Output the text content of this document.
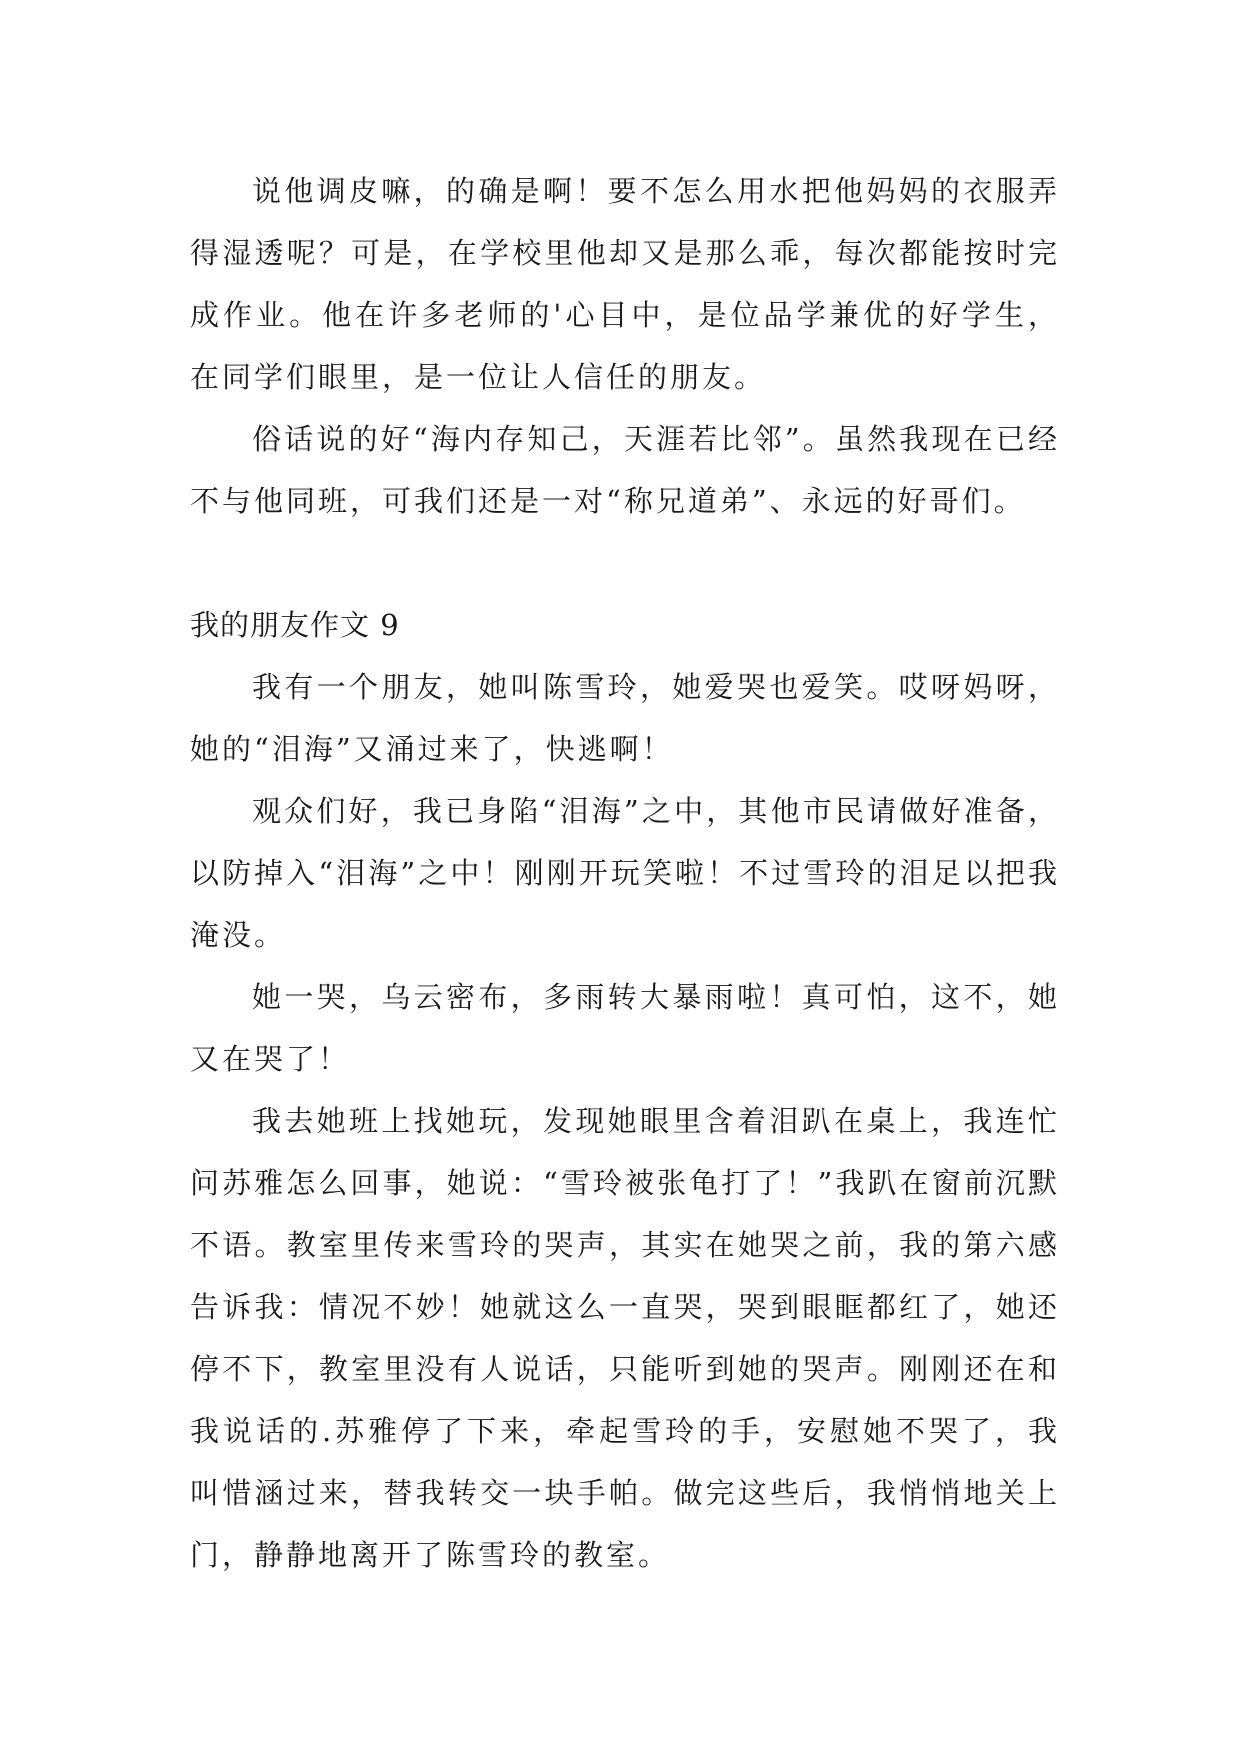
说他调皮嘛，的确是啊！要不怎么用水把他妈妈的衣服弄得湿透呢？可是，在学校里他却又是那么乖，每次都能按时完成作业。他在许多老师的'心目中，是位品学兼优的好学生，在同学们眼里，是一位让人信任的朋友。

俗话说的好“海内存知己，天涯若比邻”。虽然我现在已经不与他同班，可我们还是一对“称兄道弟”、永远的好哥们。

我的朋友作文 9

我有一个朋友，她叫陈雪玲，她爱哭也爱笑。哎呀妈呀，她的“泪海”又涌过来了，快逃啊！

观众们好，我已身陷“泪海”之中，其他市民请做好准备，以防掉入“泪海”之中！刚刚开玩笑啦！不过雪玲的泪足以把我淹没。

她一哭，乌云密布，多雨转大暴雨啦！真可怕，这不，她又在哭了！

我去她班上找她玩，发现她眼里含着泪趴在桌上，我连忙问苏雅怎么回事，她说：“雪玲被张龟打了！”我趴在窗前沉默不语。教室里传来雪玲的哭声，其实在她哭之前，我的第六感告诉我：情况不妙！她就这么一直哭，哭到眼眶都红了，她还停不下，教室里没有人说话，只能听到她的哭声。刚刚还在和我说话的.苏雅停了下来，牵起雪玲的手，安慰她不哭了，我叫惜涵过来，替我转交一块手帕。做完这些后，我悄悄地关上门，静静地离开了陈雪玲的教室。
